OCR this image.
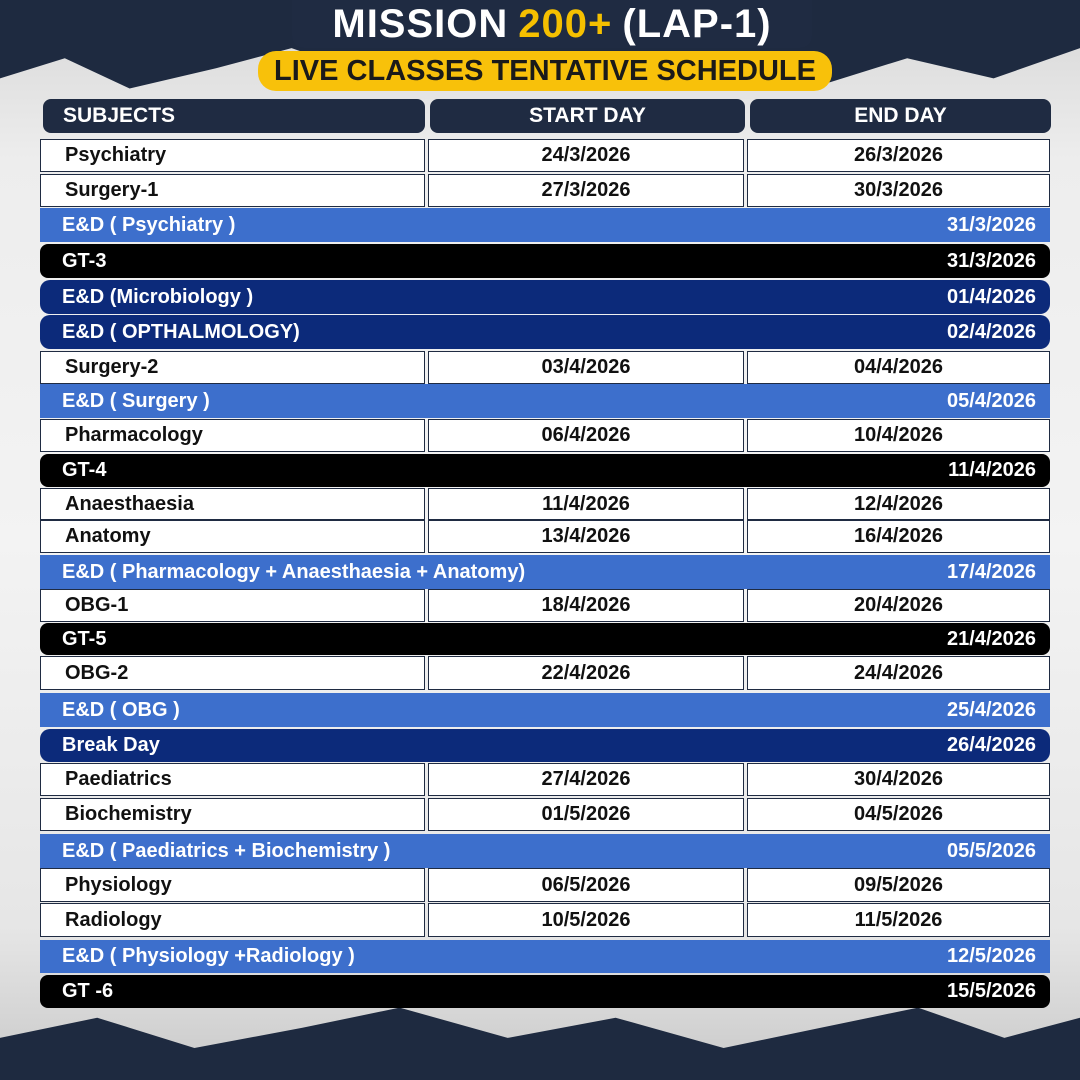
MISSION 200+ (LAP-1)
LIVE CLASSES TENTATIVE SCHEDULE
SUBJECTS	START DAY	END DAY
Psychiatry	24/3/2026	26/3/2026
Surgery-1	27/3/2026	30/3/2026
E&D ( Psychiatry )	31/3/2026
GT-3	31/3/2026
E&D (Microbiology )	01/4/2026
E&D ( OPTHALMOLOGY)	02/4/2026
Surgery-2	03/4/2026	04/4/2026
E&D ( Surgery )	05/4/2026
Pharmacology	06/4/2026	10/4/2026
GT-4	11/4/2026
Anaesthaesia	11/4/2026	12/4/2026
Anatomy	13/4/2026	16/4/2026
E&D ( Pharmacology + Anaesthaesia + Anatomy)	17/4/2026
OBG-1	18/4/2026	20/4/2026
GT-5	21/4/2026
OBG-2	22/4/2026	24/4/2026
E&D ( OBG )	25/4/2026
Break Day	26/4/2026
Paediatrics	27/4/2026	30/4/2026
Biochemistry	01/5/2026	04/5/2026
E&D ( Paediatrics + Biochemistry )	05/5/2026
Physiology	06/5/2026	09/5/2026
Radiology	10/5/2026	11/5/2026
E&D ( Physiology +Radiology )	12/5/2026
GT -6	15/5/2026
